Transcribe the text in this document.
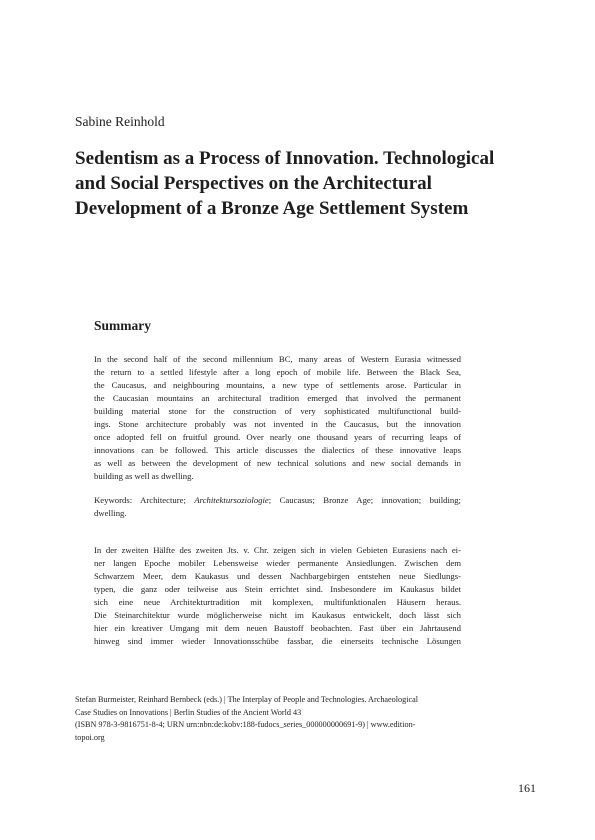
Sabine Reinhold
Sedentism as a Process of Innovation. Technological
and Social Perspectives on the Architectural
Development of a Bronze Age Settlement System
Summary
In the second half of the second millennium BC, many areas of Western Eurasia witnessed
the return to a settled lifestyle after a long epoch of mobile life. Between the Black Sea,
the Caucasus, and neighbouring mountains, a new type of settlements arose. Particular in
the Caucasian mountains an architectural tradition emerged that involved the permanent
building material stone for the construction of very sophisticated multifunctional build-
ings. Stone architecture probably was not invented in the Caucasus, but the innovation
once adopted fell on fruitful ground. Over nearly one thousand years of recurring leaps of
innovations can be followed. This article discusses the dialectics of these innovative leaps
as well as between the development of new technical solutions and new social demands in
building as well as dwelling.
Keywords: Architecture; Architektursoziologie; Caucasus; Bronze Age; innovation; building;
dwelling.
In der zweiten Hälfte des zweiten Jts. v. Chr. zeigen sich in vielen Gebieten Eurasiens nach ei-
ner langen Epoche mobiler Lebensweise wieder permanente Ansiedlungen. Zwischen dem
Schwarzem Meer, dem Kaukasus und dessen Nachbargebirgen entstehen neue Siedlungs-
typen, die ganz oder teilweise aus Stein errichtet sind. Insbesondere im Kaukasus bildet
sich eine neue Architekturtradition mit komplexen, multifunktionalen Häusern heraus.
Die Steinarchitektur wurde möglicherweise nicht im Kaukasus entwickelt, doch lässt sich
hier ein kreativer Umgang mit dem neuen Baustoff beobachten. Fast über ein Jahrtausend
hinweg sind immer wieder Innovationsschübe fassbar, die einerseits technische Lösungen
Stefan Burmeister, Reinhard Bernbeck (eds.) | The Interplay of People and Technologies. Archaeological
Case Studies on Innovations | Berlin Studies of the Ancient World 43
(ISBN 978-3-9816751-8-4; URN urn:nbn:de:kobv:188-fudocs_series_000000000691-9) | www.edition-
topoi.org
161
